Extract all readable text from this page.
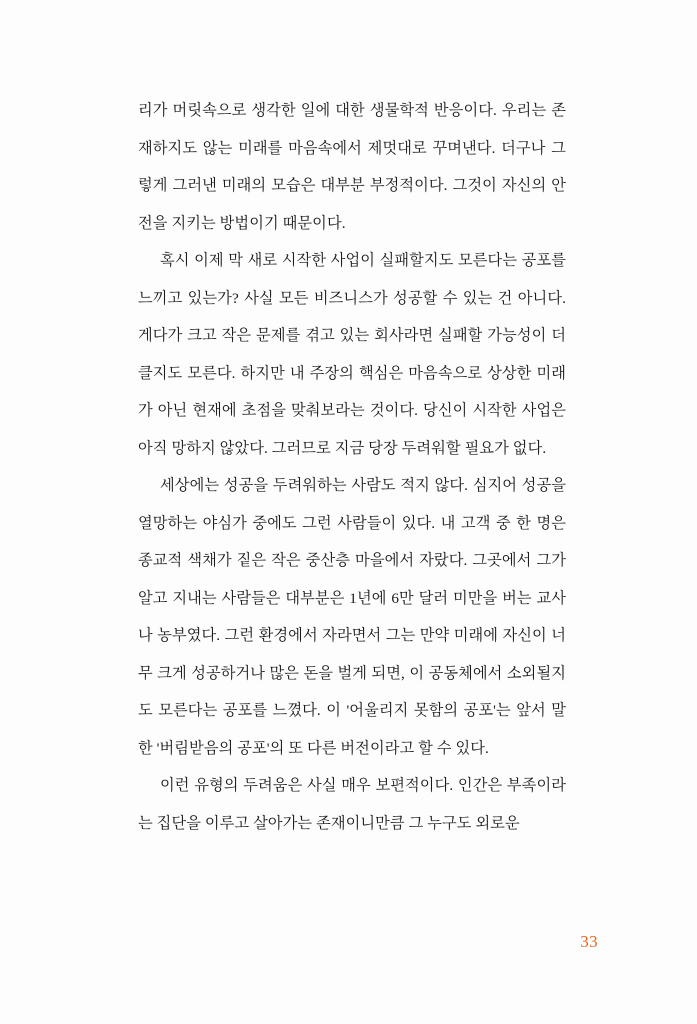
리가 머릿속으로 생각한 일에 대한 생물학적 반응이다. 우리는 존재하지도 않는 미래를 마음속에서 제멋대로 꾸며낸다. 더구나 그렇게 그러낸 미래의 모습은 대부분 부정적이다. 그것이 자신의 안전을 지키는 방법이기 때문이다.

혹시 이제 막 새로 시작한 사업이 실패할지도 모른다는 공포를 느끼고 있는가? 사실 모든 비즈니스가 성공할 수 있는 건 아니다. 게다가 크고 작은 문제를 겪고 있는 회사라면 실패할 가능성이 더 클지도 모른다. 하지만 내 주장의 핵심은 마음속으로 상상한 미래가 아닌 현재에 초점을 맞춰보라는 것이다. 당신이 시작한 사업은 아직 망하지 않았다. 그러므로 지금 당장 두려워할 필요가 없다.

세상에는 성공을 두려워하는 사람도 적지 않다. 심지어 성공을 열망하는 야심가 중에도 그런 사람들이 있다. 내 고객 중 한 명은 종교적 색채가 짙은 작은 중산층 마을에서 자랐다. 그곳에서 그가 알고 지내는 사람들은 대부분은 1년에 6만 달러 미만을 버는 교사나 농부였다. 그런 환경에서 자라면서 그는 만약 미래에 자신이 너무 크게 성공하거나 많은 돈을 벌게 되면, 이 공동체에서 소외될지도 모른다는 공포를 느꼈다. 이 '어울리지 못함의 공포'는 앞서 말한 '버림받음의 공포'의 또 다른 버전이라고 할 수 있다.

이런 유형의 두려움은 사실 매우 보편적이다. 인간은 부족이라는 집단을 이루고 살아가는 존재이니만큼 그 누구도 외로운

33
